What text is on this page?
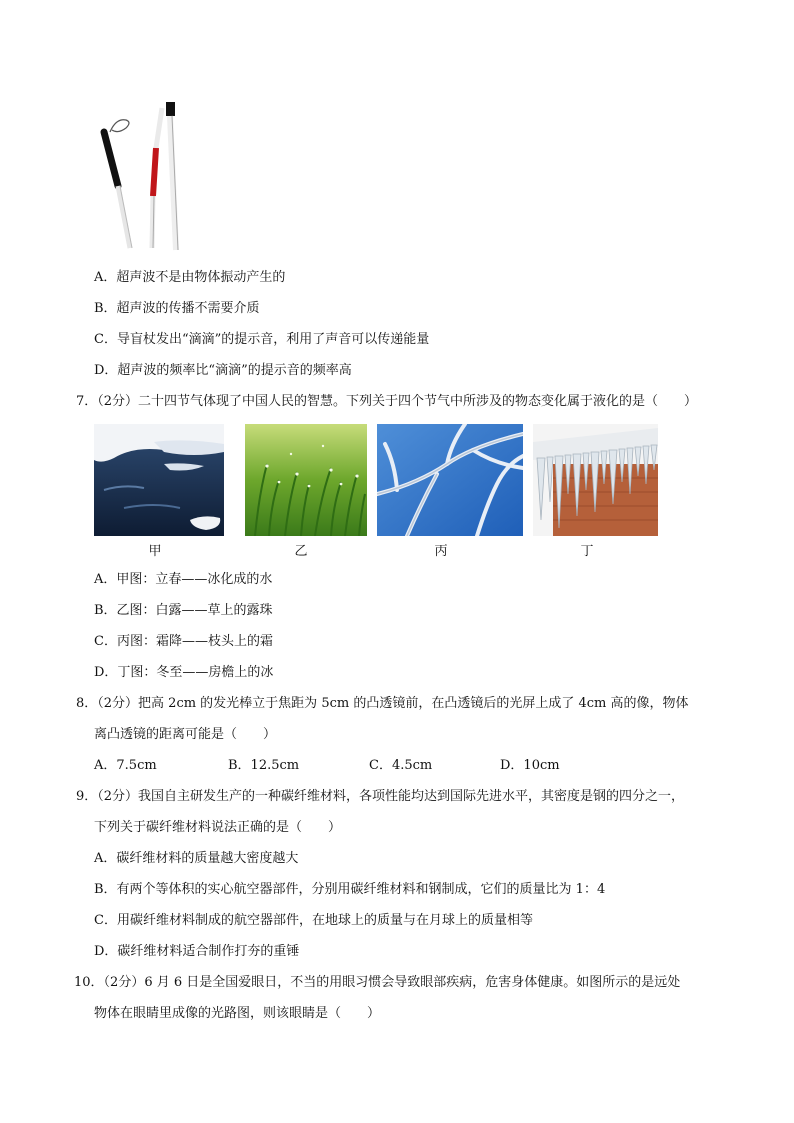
A．超声波不是由物体振动产生的
B．超声波的传播不需要介质
C．导盲杖发出“滴滴”的提示音，利用了声音可以传递能量
D．超声波的频率比“滴滴”的提示音的频率高
7．（2分）二十四节气体现了中国人民的智慧。下列关于四个节气中所涉及的物态变化属于液化的是（　　）
甲	乙	丙	丁
A．甲图：立春——冰化成的水
B．乙图：白露——草上的露珠
C．丙图：霜降——枝头上的霜
D．丁图：冬至——房檐上的冰
8．（2分）把高 2cm 的发光棒立于焦距为 5cm 的凸透镜前，在凸透镜后的光屏上成了 4cm 高的像，物体
离凸透镜的距离可能是（　　）
A．7.5cm	B．12.5cm	C．4.5cm	D．10cm
9．（2分）我国自主研发生产的一种碳纤维材料，各项性能均达到国际先进水平，其密度是钢的四分之一，
下列关于碳纤维材料说法正确的是（　　）
A．碳纤维材料的质量越大密度越大
B．有两个等体积的实心航空器部件，分别用碳纤维材料和钢制成，它们的质量比为 1：4
C．用碳纤维材料制成的航空器部件，在地球上的质量与在月球上的质量相等
D．碳纤维材料适合制作打夯的重锤
10．（2分）6 月 6 日是全国爱眼日，不当的用眼习惯会导致眼部疾病，危害身体健康。如图所示的是远处
物体在眼睛里成像的光路图，则该眼睛是（　　）
